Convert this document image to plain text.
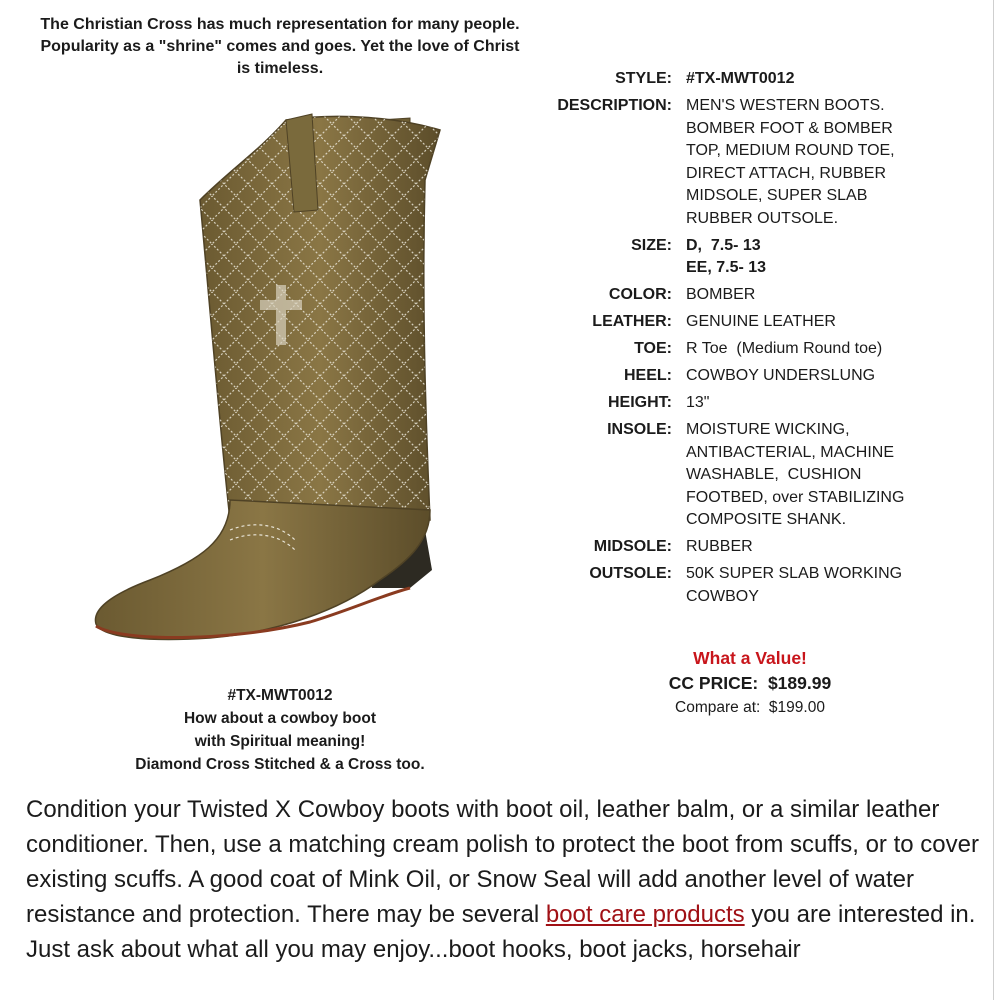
The Christian Cross has much representation for many people. Popularity as a "shrine" comes and goes. Yet the love of Christ is timeless.
#TX-MWT0012
How about a cowboy boot
with Spiritual meaning!
Diamond Cross Stitched & a Cross too.
STYLE: #TX-MWT0012
DESCRIPTION: MEN'S WESTERN BOOTS.
BOMBER FOOT & BOMBER
TOP, MEDIUM ROUND TOE,
DIRECT ATTACH, RUBBER
MIDSOLE, SUPER SLAB
RUBBER OUTSOLE.
SIZE: D,  7.5- 13
EE, 7.5- 13
COLOR: BOMBER
LEATHER: GENUINE LEATHER
TOE: R Toe  (Medium Round toe)
HEEL: COWBOY UNDERSLUNG
HEIGHT: 13"
INSOLE: MOISTURE WICKING,
ANTIBACTERIAL, MACHINE
WASHABLE,  CUSHION
FOOTBED, over STABILIZING
COMPOSITE SHANK.
MIDSOLE: RUBBER
OUTSOLE: 50K SUPER SLAB WORKING
COWBOY
What a Value!
CC PRICE:  $189.99
Compare at:  $199.00
Condition your Twisted X Cowboy boots with boot oil, leather balm, or a similar leather conditioner. Then, use a matching cream polish to protect the boot from scuffs, or to cover existing scuffs. A good coat of Mink Oil, or Snow Seal will add another level of water resistance and protection. There may be several boot care products you are interested in. Just ask about what all you may enjoy...boot hooks, boot jacks, horsehair
